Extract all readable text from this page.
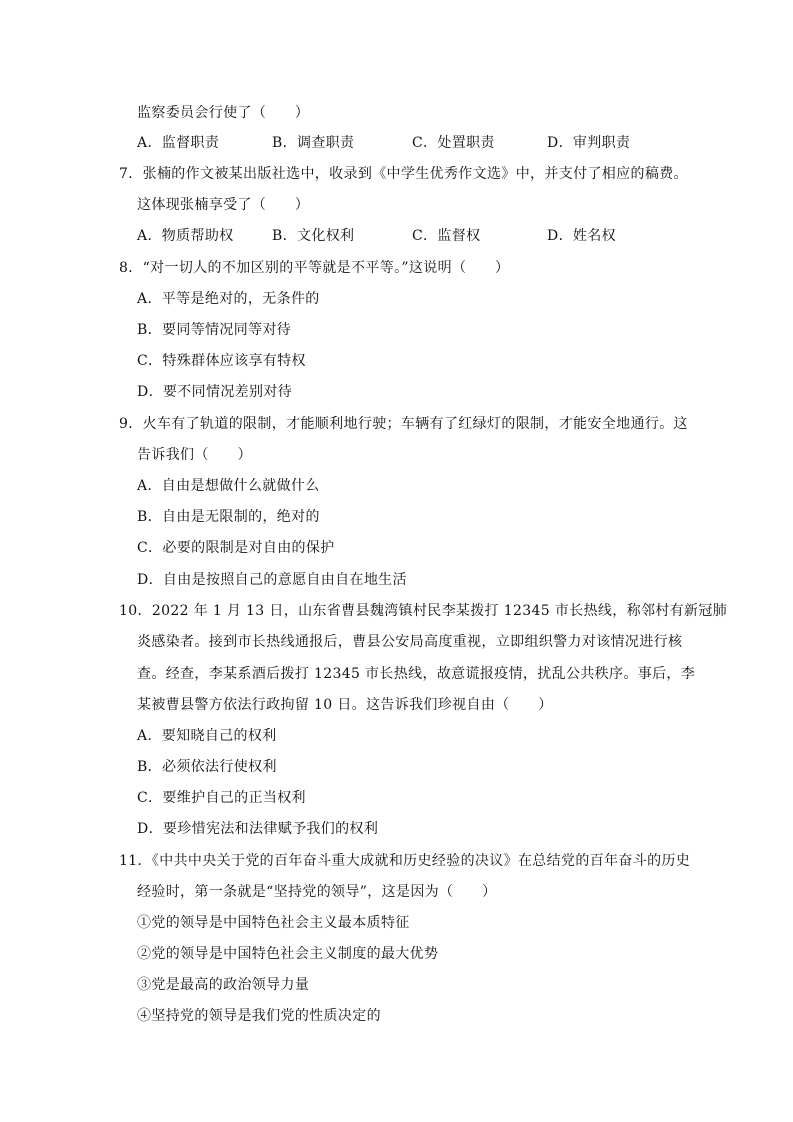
监察委员会行使了（　　）
A．监督职责	B．调查职责	C．处置职责	D．审判职责
7．张楠的作文被某出版社选中，收录到《中学生优秀作文选》中，并支付了相应的稿费。
这体现张楠享受了（　　）
A．物质帮助权	B．文化权利	C．监督权	D．姓名权
8．“对一切人的不加区别的平等就是不平等。”这说明（　　）
A．平等是绝对的，无条件的
B．要同等情况同等对待
C．特殊群体应该享有特权
D．要不同情况差别对待
9．火车有了轨道的限制，才能顺利地行驶；车辆有了红绿灯的限制，才能安全地通行。这
告诉我们（　　）
A．自由是想做什么就做什么
B．自由是无限制的，绝对的
C．必要的限制是对自由的保护
D．自由是按照自己的意愿自由自在地生活
10．2022 年 1 月 13 日，山东省曹县魏湾镇村民李某拨打 12345 市长热线，称邻村有新冠肺
炎感染者。接到市长热线通报后，曹县公安局高度重视，立即组织警力对该情况进行核
查。经查，李某系酒后拨打 12345 市长热线，故意谎报疫情，扰乱公共秩序。事后，李
某被曹县警方依法行政拘留 10 日。这告诉我们珍视自由（　　）
A．要知晓自己的权利
B．必须依法行使权利
C．要维护自己的正当权利
D．要珍惜宪法和法律赋予我们的权利
11．《中共中央关于党的百年奋斗重大成就和历史经验的决议》在总结党的百年奋斗的历史
经验时，第一条就是“坚持党的领导”，这是因为（　　）
①党的领导是中国特色社会主义最本质特征
②党的领导是中国特色社会主义制度的最大优势
③党是最高的政治领导力量
④坚持党的领导是我们党的性质决定的
